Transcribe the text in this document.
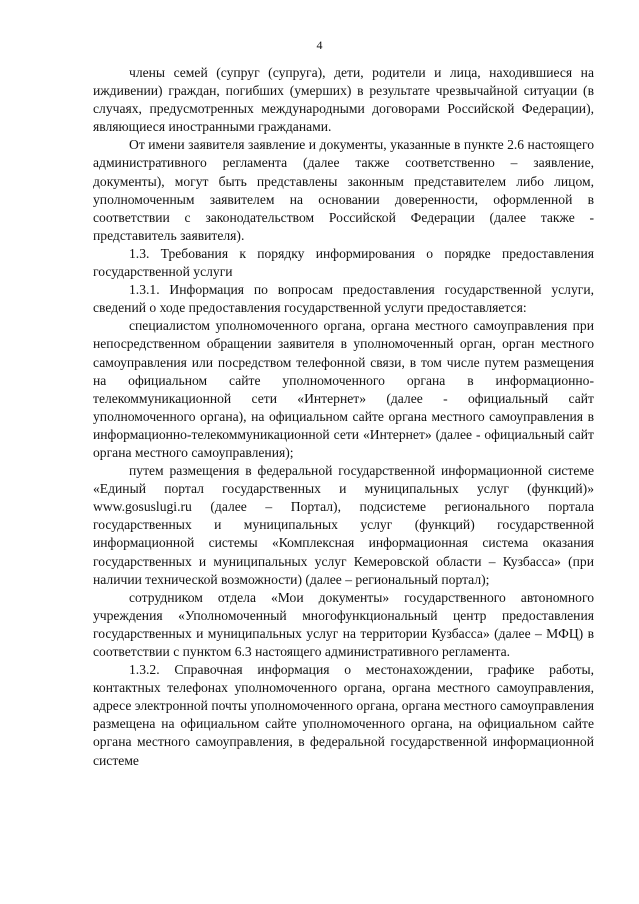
4

члены семей (супруг (супруга), дети, родители и лица, находившиеся на иждивении) граждан, погибших (умерших) в результате чрезвычайной ситуации (в случаях, предусмотренных международными договорами Российской Федерации), являющиеся иностранными гражданами.

От имени заявителя заявление и документы, указанные в пункте 2.6 настоящего административного регламента (далее также соответственно – заявление, документы), могут быть представлены законным представителем либо лицом, уполномоченным заявителем на основании доверенности, оформленной в соответствии с законодательством Российской Федерации (далее также - представитель заявителя).

1.3. Требования к порядку информирования о порядке предоставления государственной услуги

1.3.1. Информация по вопросам предоставления государственной услуги, сведений о ходе предоставления государственной услуги предоставляется:

специалистом уполномоченного органа, органа местного самоуправления при непосредственном обращении заявителя в уполномоченный орган, орган местного самоуправления или посредством телефонной связи, в том числе путем размещения на официальном сайте уполномоченного органа в информационно-телекоммуникационной сети «Интернет» (далее - официальный сайт уполномоченного органа), на официальном сайте органа местного самоуправления в информационно-телекоммуникационной сети «Интернет» (далее - официальный сайт органа местного самоуправления);

путем размещения в федеральной государственной информационной системе «Единый портал государственных и муниципальных услуг (функций)» www.gosuslugi.ru (далее – Портал), подсистеме регионального портала государственных и муниципальных услуг (функций) государственной информационной системы «Комплексная информационная система оказания государственных и муниципальных услуг Кемеровской области – Кузбасса» (при наличии технической возможности) (далее – региональный портал);

сотрудником отдела «Мои документы» государственного автономного учреждения «Уполномоченный многофункциональный центр предоставления государственных и муниципальных услуг на территории Кузбасса» (далее – МФЦ) в соответствии с пунктом 6.3 настоящего административного регламента.

1.3.2. Справочная информация о местонахождении, графике работы, контактных телефонах уполномоченного органа, органа местного самоуправления, адресе электронной почты уполномоченного органа, органа местного самоуправления размещена на официальном сайте уполномоченного органа, на официальном сайте органа местного самоуправления, в федеральной государственной информационной системе
